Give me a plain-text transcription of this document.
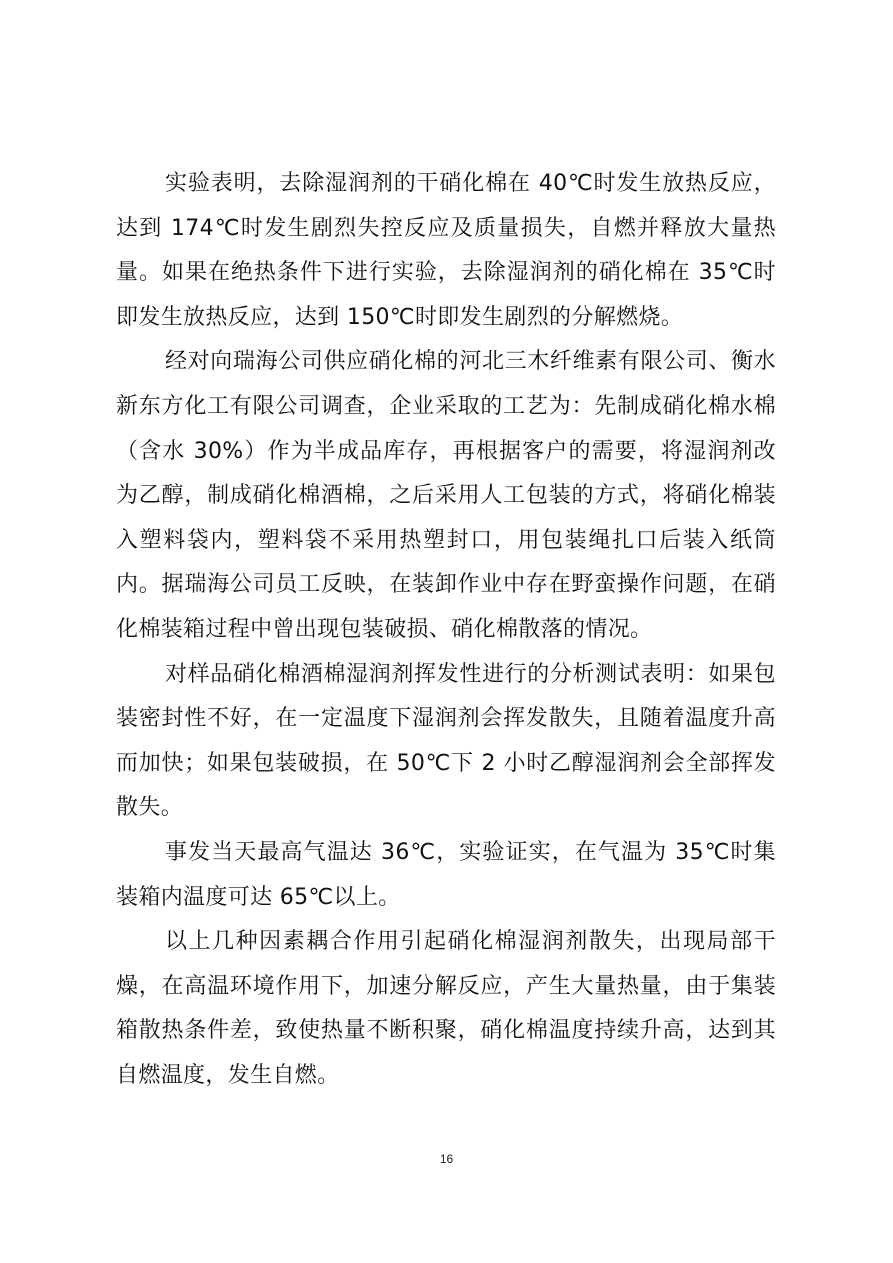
实验表明，去除湿润剂的干硝化棉在 40℃时发生放热反应，达到 174℃时发生剧烈失控反应及质量损失，自燃并释放大量热量。如果在绝热条件下进行实验，去除湿润剂的硝化棉在 35℃时即发生放热反应，达到 150℃时即发生剧烈的分解燃烧。

经对向瑞海公司供应硝化棉的河北三木纤维素有限公司、衡水新东方化工有限公司调查，企业采取的工艺为：先制成硝化棉水棉（含水 30%）作为半成品库存，再根据客户的需要，将湿润剂改为乙醇，制成硝化棉酒棉，之后采用人工包装的方式，将硝化棉装入塑料袋内，塑料袋不采用热塑封口，用包装绳扎口后装入纸筒内。据瑞海公司员工反映，在装卸作业中存在野蛮操作问题，在硝化棉装箱过程中曾出现包装破损、硝化棉散落的情况。

对样品硝化棉酒棉湿润剂挥发性进行的分析测试表明：如果包装密封性不好，在一定温度下湿润剂会挥发散失，且随着温度升高而加快；如果包装破损，在 50℃下 2 小时乙醇湿润剂会全部挥发散失。

事发当天最高气温达 36℃，实验证实，在气温为 35℃时集装箱内温度可达 65℃以上。

以上几种因素耦合作用引起硝化棉湿润剂散失，出现局部干燥，在高温环境作用下，加速分解反应，产生大量热量，由于集装箱散热条件差，致使热量不断积聚，硝化棉温度持续升高，达到其自燃温度，发生自燃。

16
